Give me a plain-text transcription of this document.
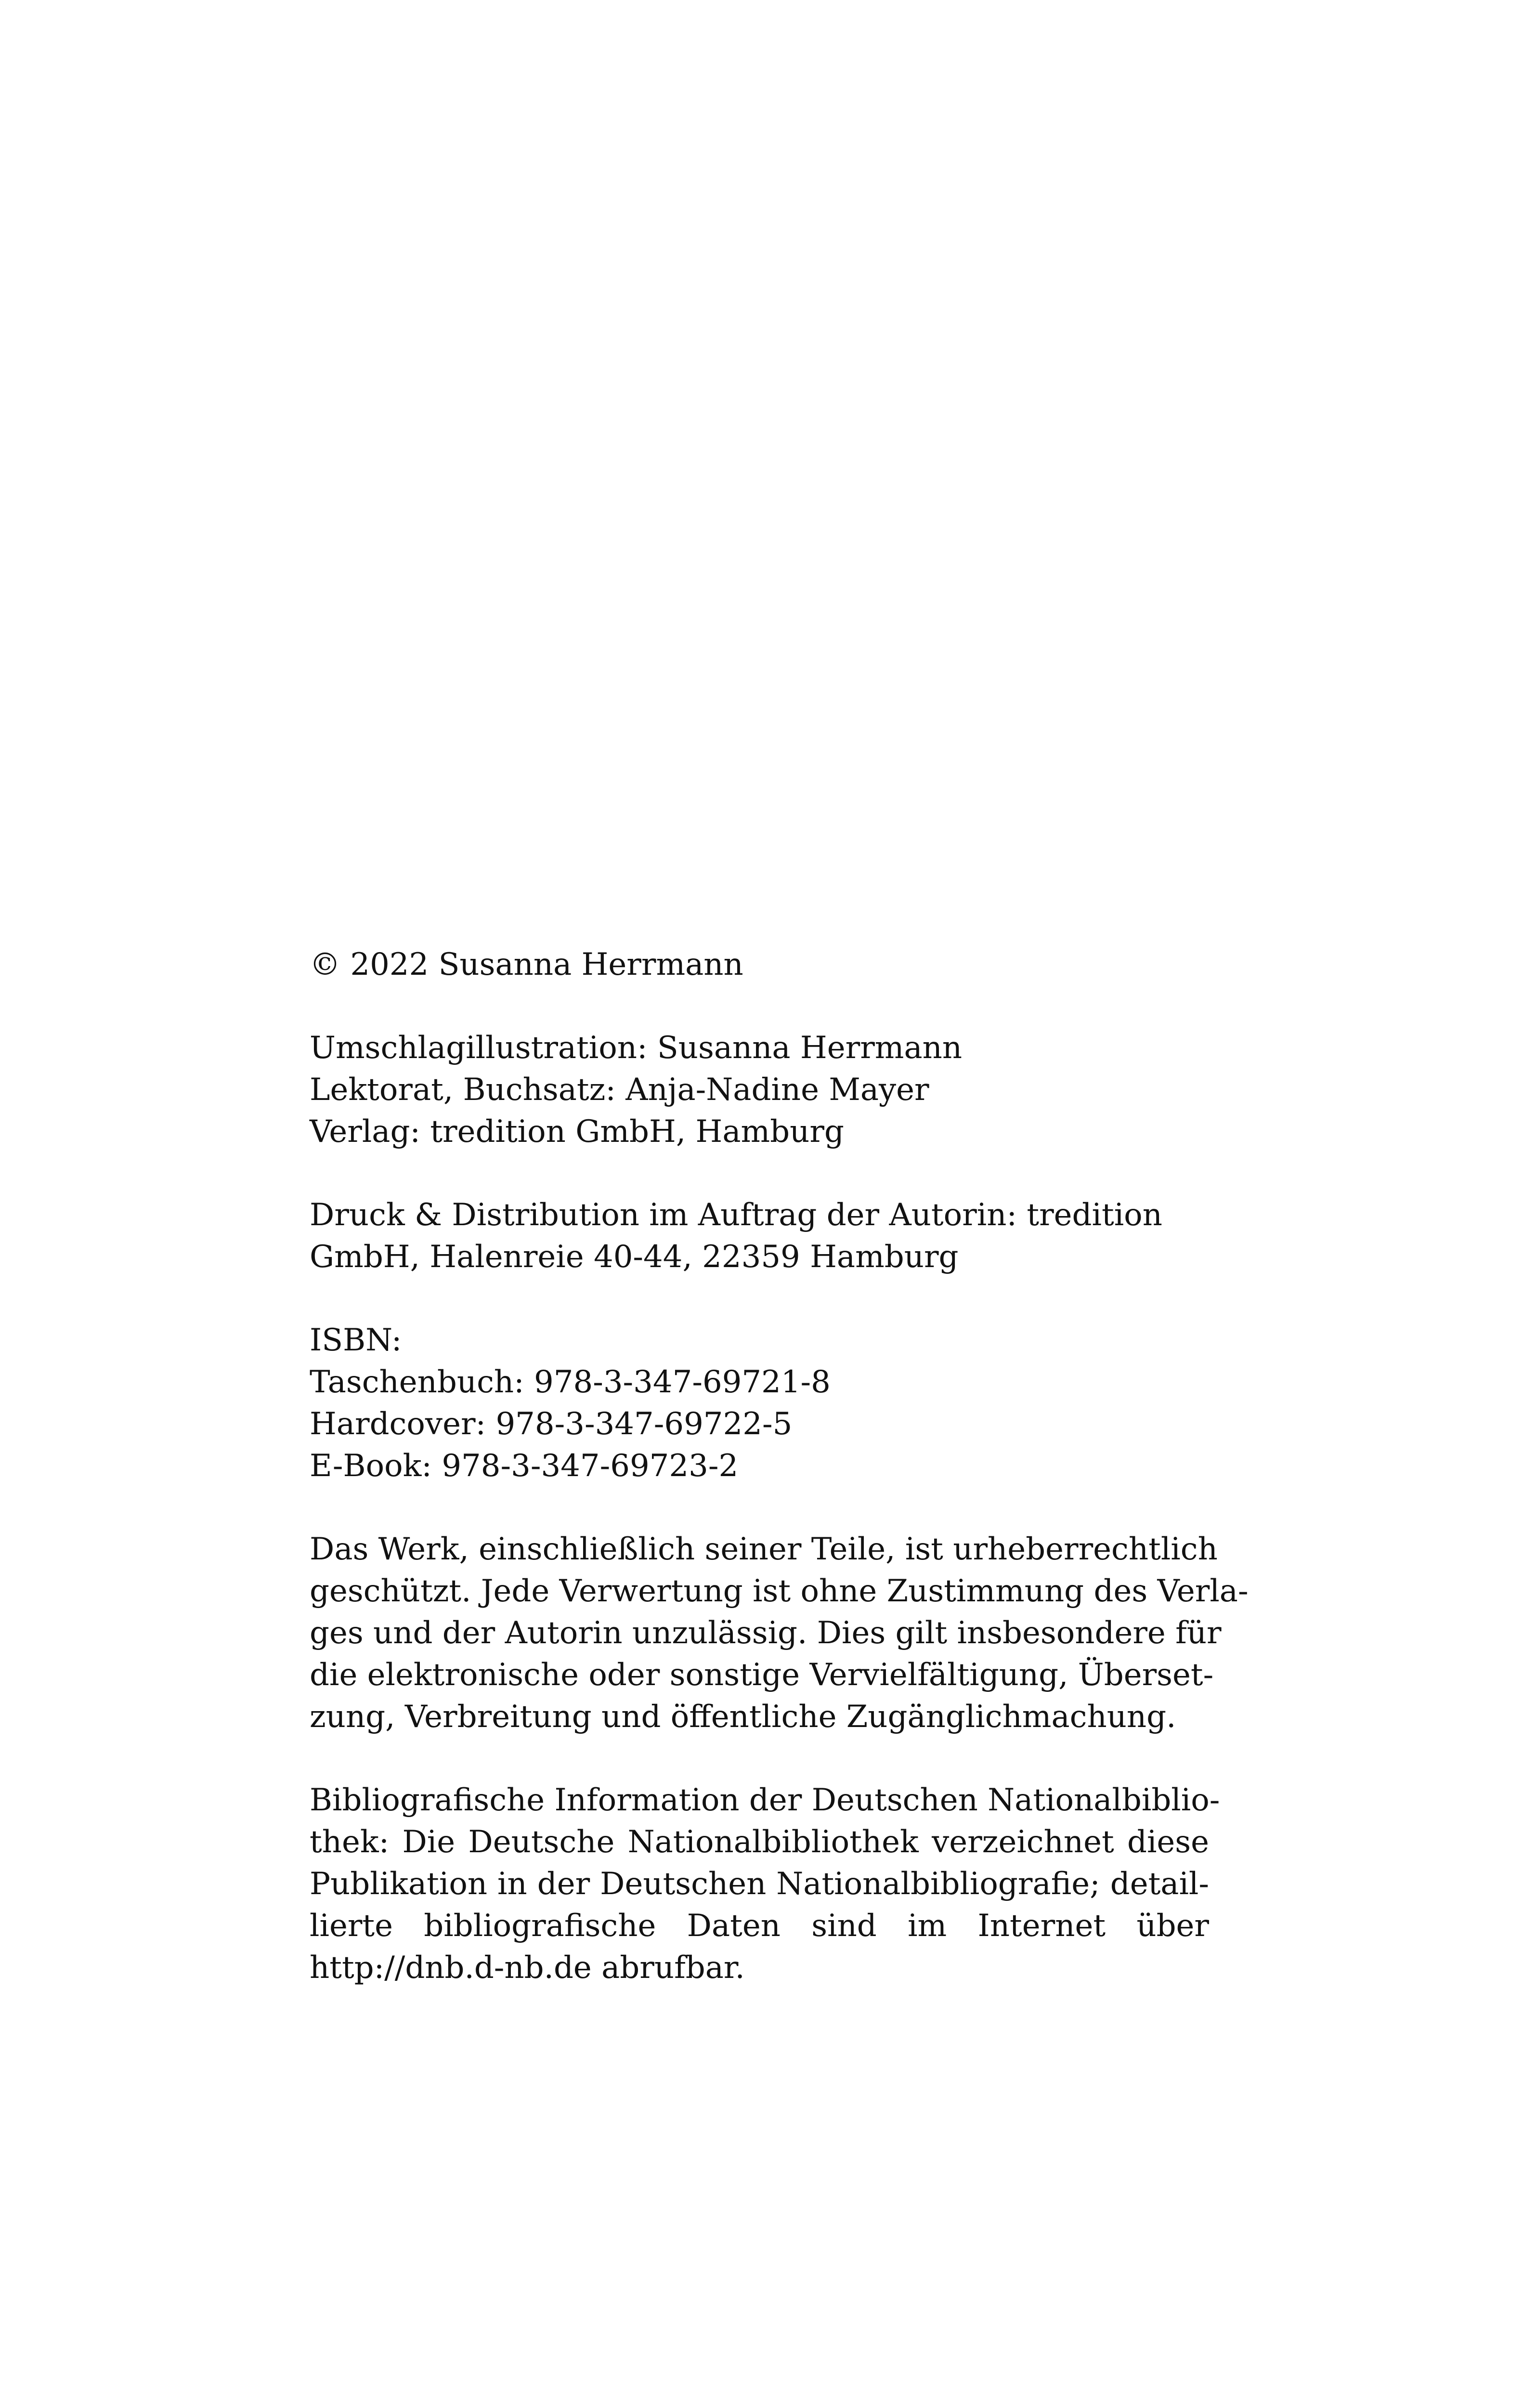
© 2022 Susanna Herrmann
Umschlagillustration: Susanna Herrmann
Lektorat, Buchsatz: Anja-Nadine Mayer
Verlag: tredition GmbH, Hamburg
Druck & Distribution im Auftrag der Autorin: tredition
GmbH, Halenreie 40-44, 22359 Hamburg
ISBN:
Taschenbuch: 978-3-347-69721-8
Hardcover: 978-3-347-69722-5
E-Book: 978-3-347-69723-2
Das Werk, einschließlich seiner Teile, ist urheberrechtlich
geschützt. Jede Verwertung ist ohne Zustimmung des Verla-
ges und der Autorin unzulässig. Dies gilt insbesondere für
die elektronische oder sonstige Vervielfältigung, Überset-
zung, Verbreitung und öffentliche Zugänglichmachung.
Bibliografische Information der Deutschen Nationalbiblio-
thek: Die Deutsche Nationalbibliothek verzeichnet diese
Publikation in der Deutschen Nationalbibliografie; detail-
lierte bibliografische Daten sind im Internet über
http://dnb.d-nb.de abrufbar.
